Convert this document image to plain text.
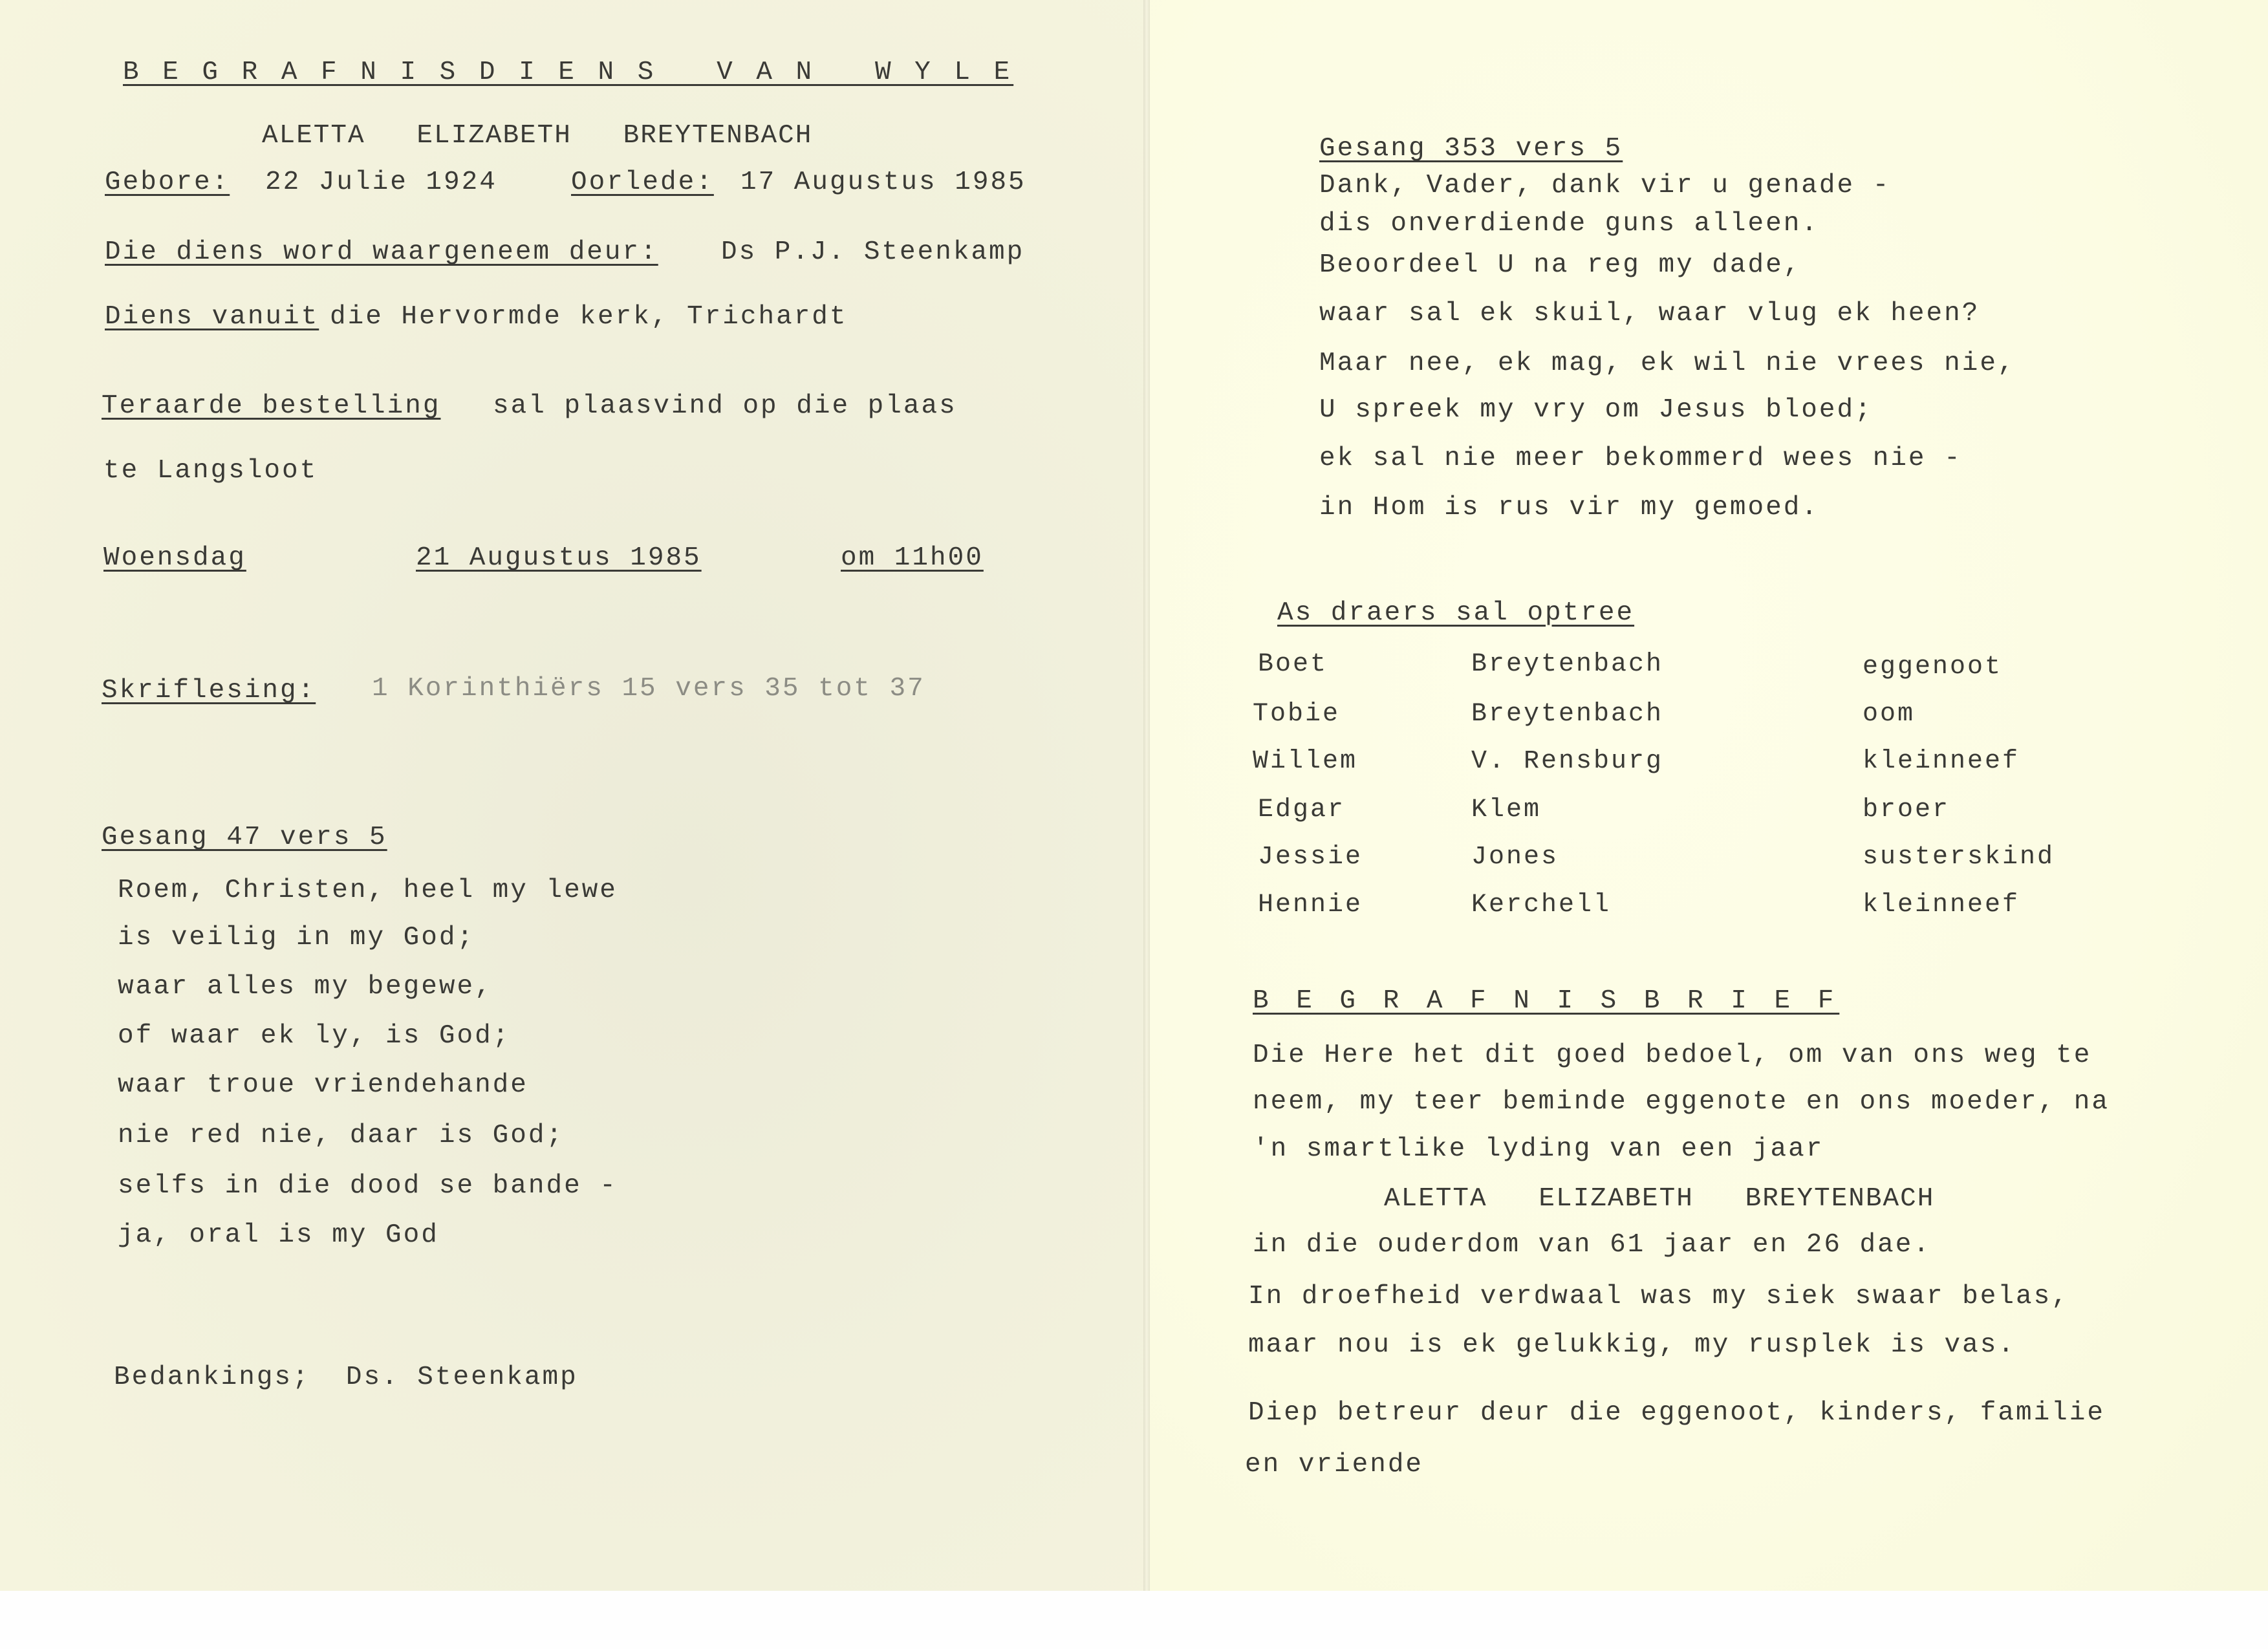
B E G R A F N I S D I E N S   V A N   W Y L E
ALETTA   ELIZABETH   BREYTENBACH
Gebore: 22 Julie 1924	Oorlede: 17 Augustus 1985
Die diens word waargeneem deur: Ds P.J. Steenkamp
Diens vanuit die Hervormde kerk, Trichardt
Teraarde bestelling sal plaasvind op die plaas
te Langsloot
Woensdag	21 Augustus 1985	om 11h00
Skriflesing: 1 Korinthiërs 15 vers 35 tot 37
Gesang 47 vers 5
Roem, Christen, heel my lewe
is veilig in my God;
waar alles my begewe,
of waar ek ly, is God;
waar troue vriendehande
nie red nie, daar is God;
selfs in die dood se bande -
ja, oral is my God
Bedankings;  Ds. Steenkamp
Gesang 353 vers 5
Dank, Vader, dank vir u genade -
dis onverdiende guns alleen.
Beoordeel U na reg my dade,
waar sal ek skuil, waar vlug ek heen?
Maar nee, ek mag, ek wil nie vrees nie,
U spreek my vry om Jesus bloed;
ek sal nie meer bekommerd wees nie -
in Hom is rus vir my gemoed.
As draers sal optree
Boet	Breytenbach	eggenoot
Tobie	Breytenbach	oom
Willem	V. Rensburg	kleinneef
Edgar	Klem	broer
Jessie	Jones	susterskind
Hennie	Kerchell	kleinneef
B E G R A F N I S B R I E F
Die Here het dit goed bedoel, om van ons weg te
neem, my teer beminde eggenote en ons moeder, na
'n smartlike lyding van een jaar
ALETTA   ELIZABETH   BREYTENBACH
in die ouderdom van 61 jaar en 26 dae.
In droefheid verdwaal was my siek swaar belas,
maar nou is ek gelukkig, my rusplek is vas.
Diep betreur deur die eggenoot, kinders, familie
en vriende
